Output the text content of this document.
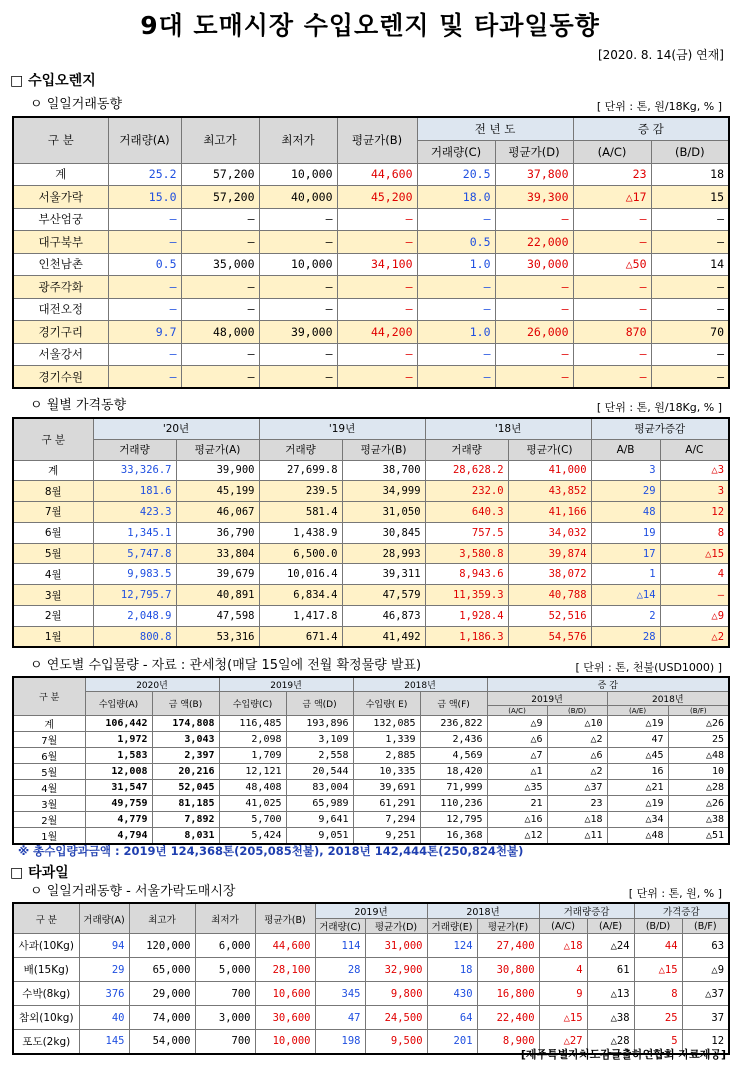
9대 도매시장 수입오렌지 및 타과일동향
[2020. 8. 14(금) 연재]
□ 수입오렌지
ㅇ 일일거래동향	[ 단위 : 톤, 원/18Kg, % ]
구 분	거래량(A)	최고가	최저가	평균가(B)	전 년 도		증 감	
					거래량(C)	평균가(D)	(A/C)	(B/D)
계	25.2	57,200	10,000	44,600	20.5	37,800	23	18
서울가락	15.0	57,200	40,000	45,200	18.0	39,300	△17	15
부산엄궁	–	–	–	–	–	–	–	–
대구북부	–	–	–	–	0.5	22,000	–	–
인천남촌	0.5	35,000	10,000	34,100	1.0	30,000	△50	14
광주각화	–	–	–	–	–	–	–	–
대전오정	–	–	–	–	–	–	–	–
경기구리	9.7	48,000	39,000	44,200	1.0	26,000	870	70
서울강서	–	–	–	–	–	–	–	–
경기수원	–	–	–	–	–	–	–	–
ㅇ 월별 가격동향	[ 단위 : 톤, 원/18Kg, % ]
구 분	'20년		'19년		'18년		평균가증감	
	거래량	평균가(A)	거래량	평균가(B)	거래량	평균가(C)	A/B	A/C
계	33,326.7	39,900	27,699.8	38,700	28,628.2	41,000	3	△3
8월	181.6	45,199	239.5	34,999	232.0	43,852	29	3
7월	423.3	46,067	581.4	31,050	640.3	41,166	48	12
6월	1,345.1	36,790	1,438.9	30,845	757.5	34,032	19	8
5월	5,747.8	33,804	6,500.0	28,993	3,580.8	39,874	17	△15
4월	9,983.5	39,679	10,016.4	39,311	8,943.6	38,072	1	4
3월	12,795.7	40,891	6,834.4	47,579	11,359.3	40,788	△14	–
2월	2,048.9	47,598	1,417.8	46,873	1,928.4	52,516	2	△9
1월	800.8	53,316	671.4	41,492	1,186.3	54,576	28	△2
ㅇ 연도별 수입물량 - 자료 : 관세청(매달 15일에 전월 확정물량 발표)	[ 단위 : 톤, 천불(USD1000) ]
구 분	2020년		2019년		2018년		증 감			
	수입량(A)	금 액(B)	수입량(C)	금 액(D)	수입량( E)	금 액(F)	2019년		2018년	
							(A/C)	(B/D)	(A/E)	(B/F)
계	106,442	174,808	116,485	193,896	132,085	236,822	△9	△10	△19	△26
7월	1,972	3,043	2,098	3,109	1,339	2,436	△6	△2	47	25
6월	1,583	2,397	1,709	2,558	2,885	4,569	△7	△6	△45	△48
5월	12,008	20,216	12,121	20,544	10,335	18,420	△1	△2	16	10
4월	31,547	52,045	48,408	83,004	39,691	71,999	△35	△37	△21	△28
3월	49,759	81,185	41,025	65,989	61,291	110,236	21	23	△19	△26
2월	4,779	7,892	5,700	9,641	7,294	12,795	△16	△18	△34	△38
1월	4,794	8,031	5,424	9,051	9,251	16,368	△12	△11	△48	△51
※ 총수입량과금액 : 2019년 124,368톤(205,085천불), 2018년 142,444톤(250,824천불)
□ 타과일
ㅇ 일일거래동향 - 서울가락도매시장	[ 단위 : 톤, 원, % ]
구 분	거래량(A)	최고가	최저가	평균가(B)	2019년		2018년		거래량증감		가격증감	
					거래량(C)	평균가(D)	거래량(E)	평균가(F)	(A/C)	(A/E)	(B/D)	(B/F)
사과(10Kg)	94	120,000	6,000	44,600	114	31,000	124	27,400	△18	△24	44	63
배(15Kg)	29	65,000	5,000	28,100	28	32,900	18	30,800	4	61	△15	△9
수박(8kg)	376	29,000	700	10,600	345	9,800	430	16,800	9	△13	8	△37
참외(10kg)	40	74,000	3,000	30,600	47	24,500	64	22,400	△15	△38	25	37
포도(2kg)	145	54,000	700	10,000	198	9,500	201	8,900	△27	△28	5	12
[제주특별자치도감귤출하연합회 자료제공]
